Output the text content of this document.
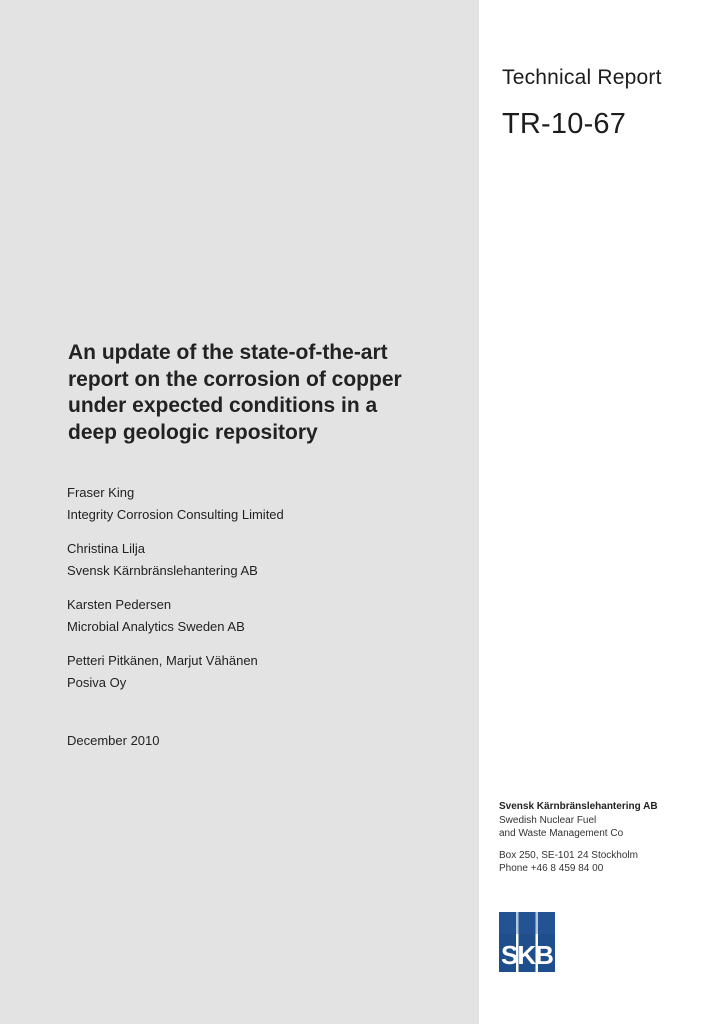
Technical Report
TR-10-67
An update of the state-of-the-art
report on the corrosion of copper
under expected conditions in a
deep geologic repository
Fraser King
Integrity Corrosion Consulting Limited
Christina Lilja
Svensk Kärnbränslehantering AB
Karsten Pedersen
Microbial Analytics Sweden AB
Petteri Pitkänen, Marjut Vähänen
Posiva Oy
December 2010
Svensk Kärnbränslehantering AB
Swedish Nuclear Fuel
and Waste Management Co
Box 250, SE-101 24 Stockholm
Phone +46 8 459 84 00
SKB
